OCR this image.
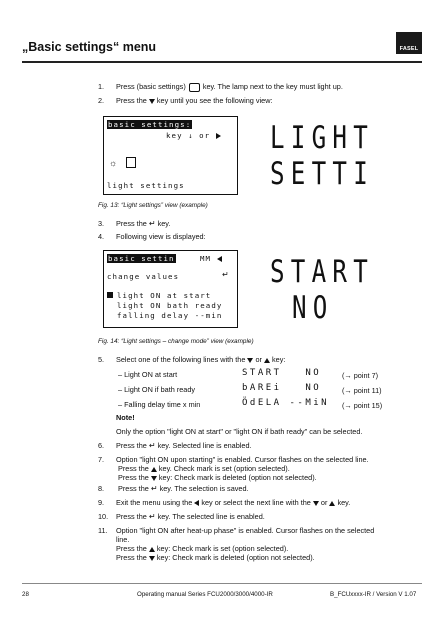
„Basic settings“ menu	FASEL
1. Press (basic settings) key. The lamp next to the key must light up.
2. Press the key until you see the following view:
basic settings:
key ↓ or
☼
light settings
LIGHT
SETTI
Fig. 13: “Light settings” view (example)
3. Press the ↵ key.
4. Following view is displayed:
basic settin	MM
change values	↵
light ON at start
light ON bath ready
falling delay --min
START
NO
Fig. 14: “Light settings – change mode” view (example)
5. Select one of the following lines with the or key:
– Light ON at start	START   NO	(→ point 7)
– Light ON if bath ready	bAREi   NO	(→ point 11)
– Falling delay time x min	ÖdELA --MiN (→ point 15)
Note!
Only the option "light ON at start" or "light ON if bath ready" can be selected.
6. Press the ↵ key. Selected line is enabled.
7. Option "light ON upon starting" is enabled. Cursor flashes on the selected line.
Press the key. Check mark is set (option selected).
Press the key: Check mark is deleted (option not selected).
8. Press the ↵ key. The selection is saved.
9. Exit the menu using the key or select the next line with the or key.
10. Press the ↵ key. The selected line is enabled.
11. Option "light ON after heat-up phase" is enabled. Cursor flashes on the selected
line.
Press the key: Check mark is set (option selected).
Press the key: Check mark is deleted (option not selected).
28	Operating manual Series FCU2000/3000/4000-IR	B_FCUxxxx-IR / Version V 1.07
